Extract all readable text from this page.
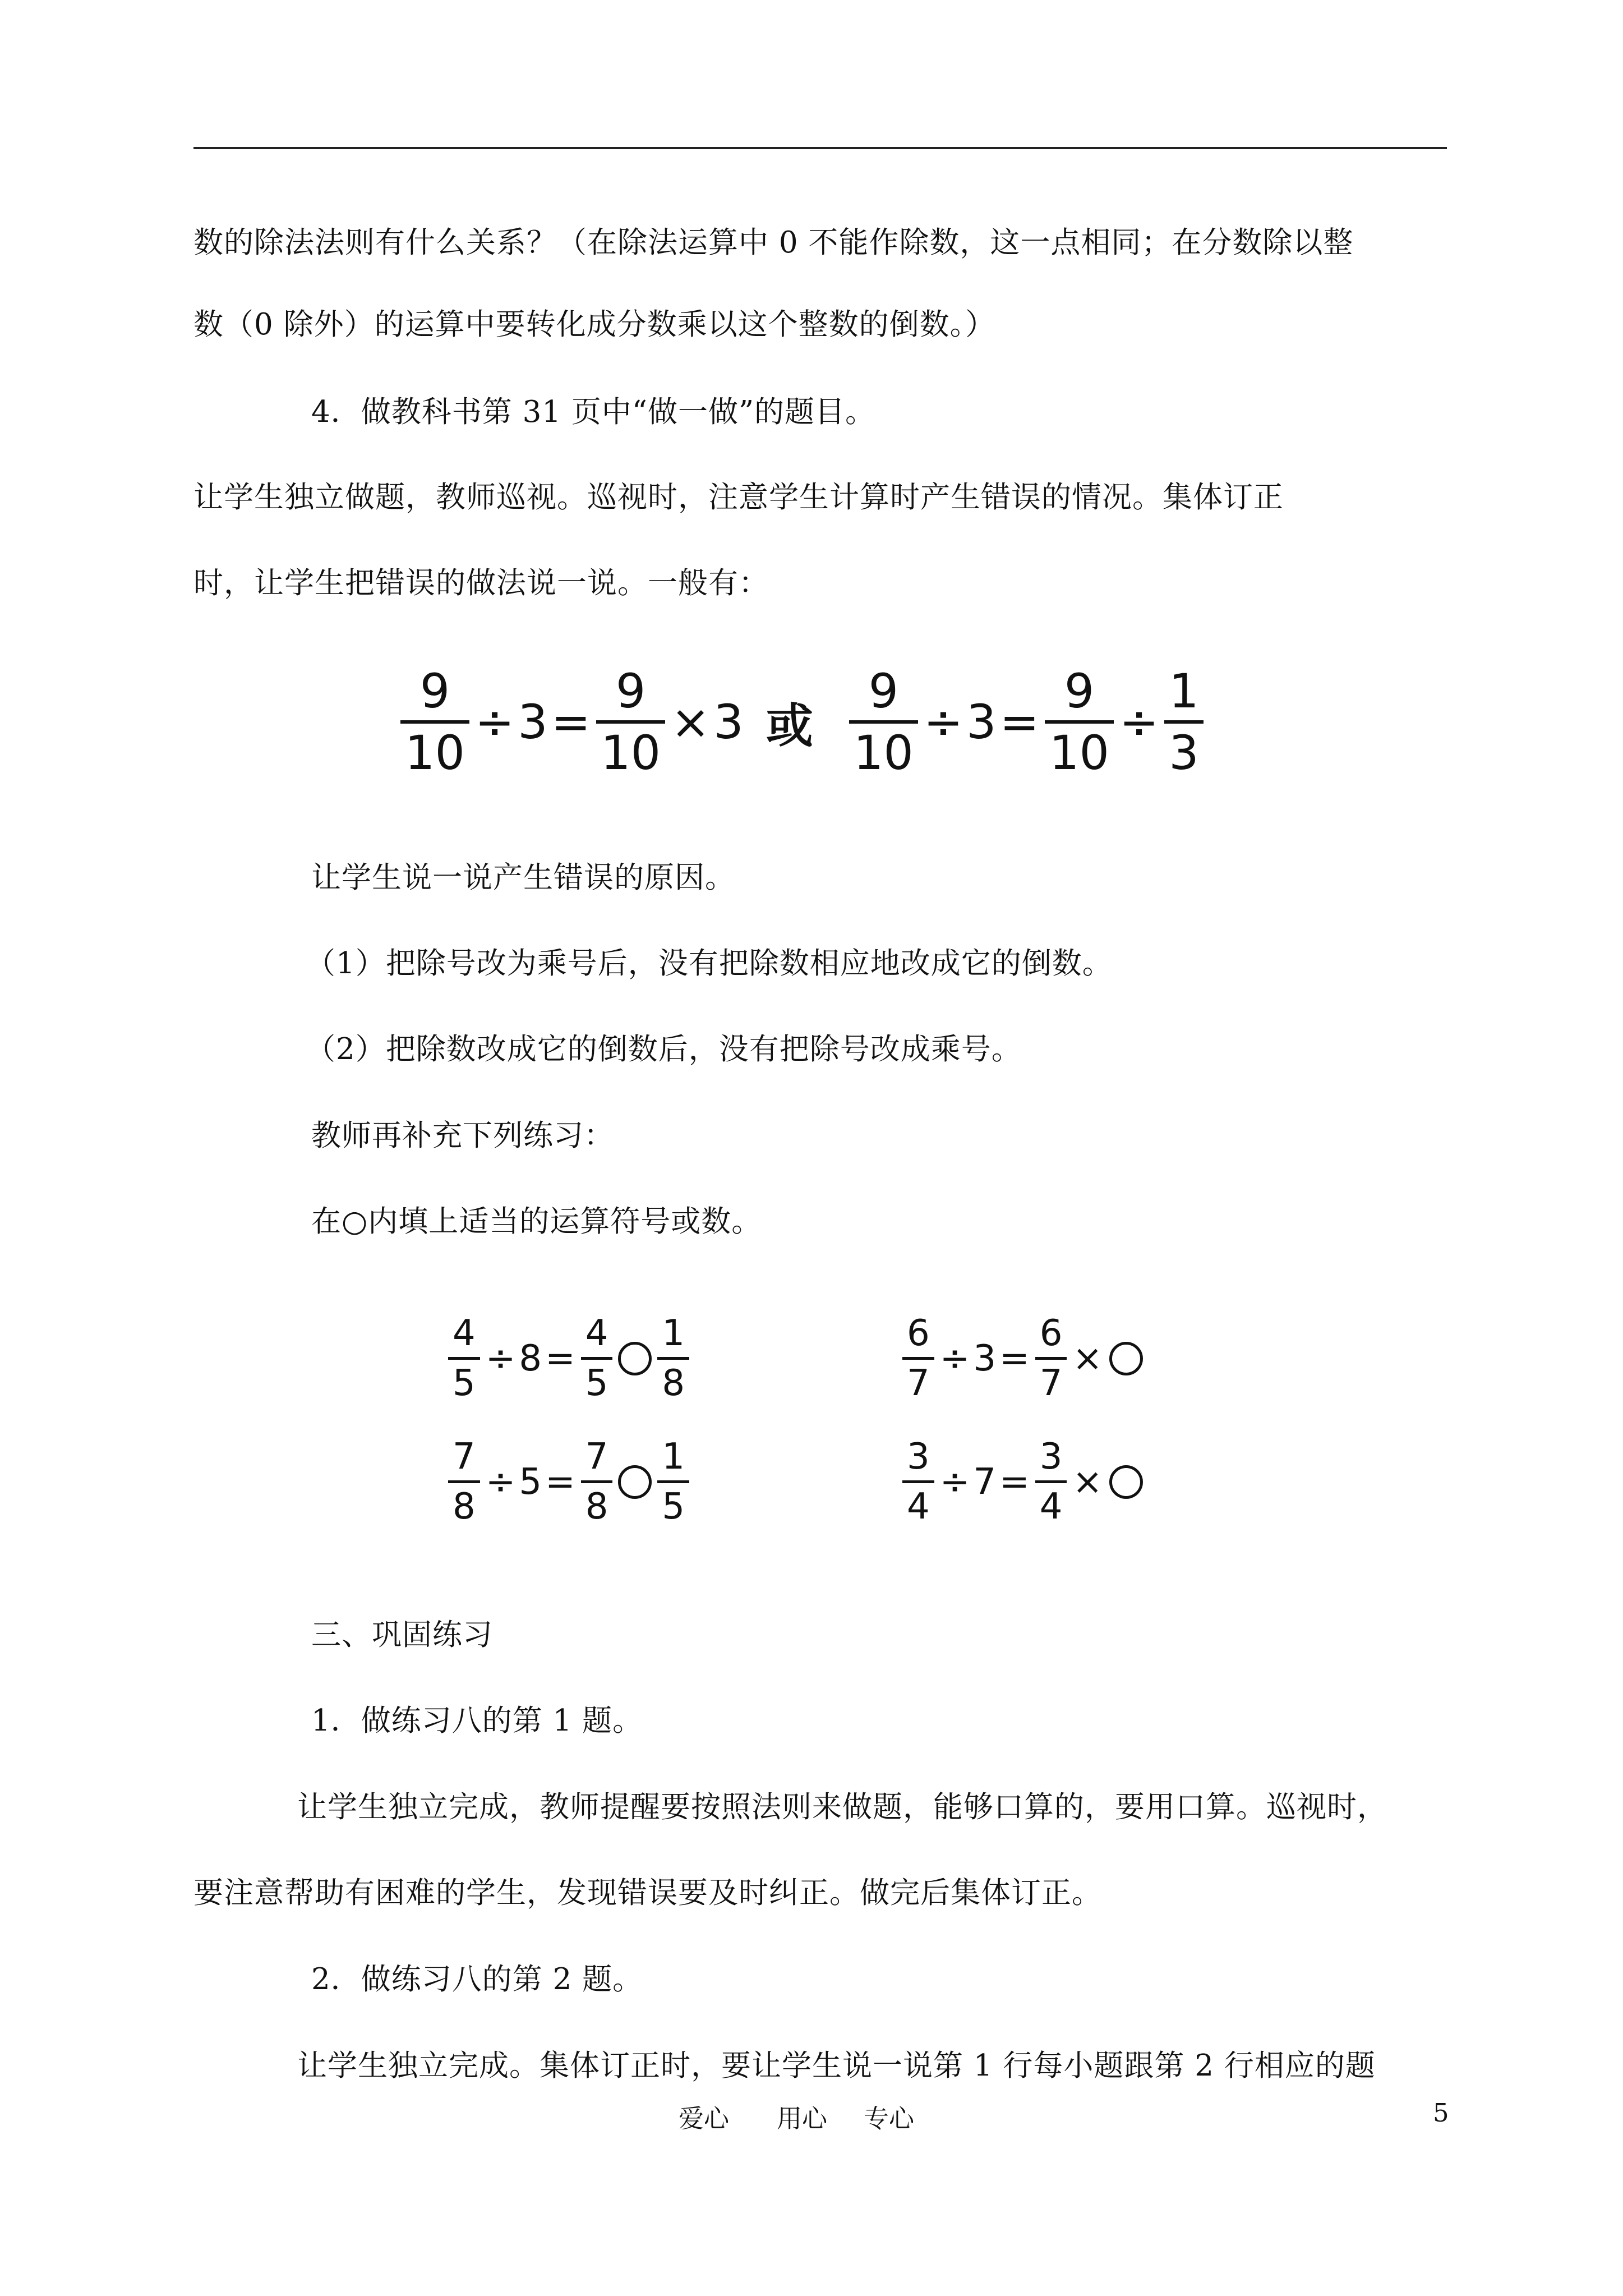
数的除法法则有什么关系？（在除法运算中 0 不能作除数，这一点相同；在分数除以整
数（0 除外）的运算中要转化成分数乘以这个整数的倒数。）
4．做教科书第 31 页中“做一做”的题目。
让学生独立做题，教师巡视。巡视时，注意学生计算时产生错误的情况。集体订正
时，让学生把错误的做法说一说。一般有：
$\frac{9}{10} \div 3 = \frac{9}{10} \times 3$ 或 $\frac{9}{10} \div 3 = \frac{9}{10} \div \frac{1}{3}$
让学生说一说产生错误的原因。
（1）把除号改为乘号后，没有把除数相应地改成它的倒数。
（2）把除数改成它的倒数后，没有把除号改成乘号。
教师再补充下列练习：
在○内填上适当的运算符号或数。
$\frac{4}{5} \div 8 = \frac{4}{5} \frac{1}{8}$	$\frac{6}{7} \div 3 = \frac{6}{7}$ ×
$\frac{7}{8} \div 5 = \frac{7}{8} \frac{1}{5}$	$\frac{3}{4} \div 7 = \frac{3}{4}$ ×
三、巩固练习
1．做练习八的第 1 题。
让学生独立完成，教师提醒要按照法则来做题，能够口算的，要用口算。巡视时，
要注意帮助有困难的学生，发现错误要及时纠正。做完后集体订正。
2．做练习八的第 2 题。
让学生独立完成。集体订正时，要让学生说一说第 1 行每小题跟第 2 行相应的题
爱心 用心 专心	5
